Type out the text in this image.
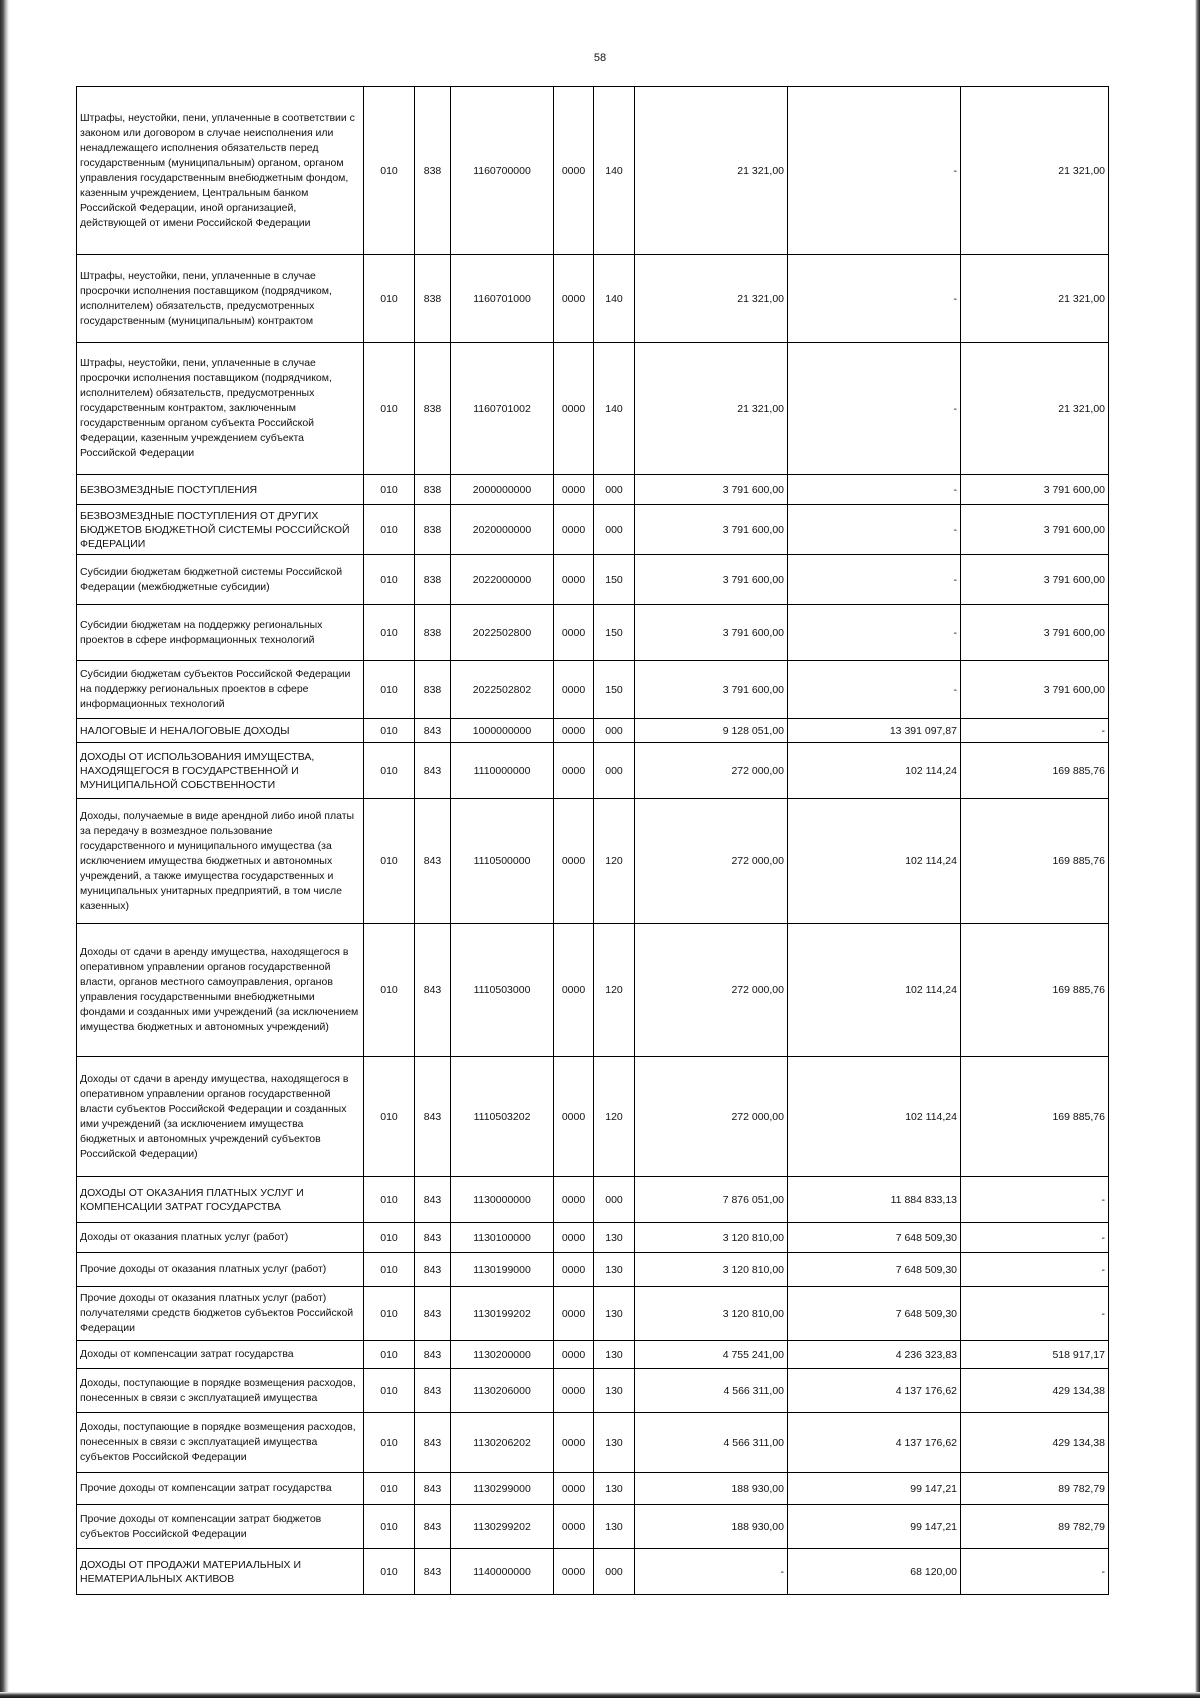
58
Штрафы, неустойки, пени, уплаченные в соответствии с законом или договором в случае неисполнения или ненадлежащего исполнения обязательств перед государственным (муниципальным) органом, органом управления государственным внебюджетным фондом, казенным учреждением, Центральным банком Российской Федерации, иной организацией, действующей от имени Российской Федерации	010	838	1160700000	0000	140	21 321,00	-	21 321,00
Штрафы, неустойки, пени, уплаченные в случае просрочки исполнения поставщиком (подрядчиком, исполнителем) обязательств, предусмотренных государственным (муниципальным) контрактом	010	838	1160701000	0000	140	21 321,00	-	21 321,00
Штрафы, неустойки, пени, уплаченные в случае просрочки исполнения поставщиком (подрядчиком, исполнителем) обязательств, предусмотренных государственным контрактом, заключенным государственным органом субъекта Российской Федерации, казенным учреждением субъекта Российской Федерации	010	838	1160701002	0000	140	21 321,00	-	21 321,00
БЕЗВОЗМЕЗДНЫЕ ПОСТУПЛЕНИЯ	010	838	2000000000	0000	000	3 791 600,00	-	3 791 600,00
БЕЗВОЗМЕЗДНЫЕ ПОСТУПЛЕНИЯ ОТ ДРУГИХ БЮДЖЕТОВ БЮДЖЕТНОЙ СИСТЕМЫ РОССИЙСКОЙ ФЕДЕРАЦИИ	010	838	2020000000	0000	000	3 791 600,00	-	3 791 600,00
Субсидии бюджетам бюджетной системы Российской Федерации (межбюджетные субсидии)	010	838	2022000000	0000	150	3 791 600,00	-	3 791 600,00
Субсидии бюджетам на поддержку региональных проектов в сфере информационных технологий	010	838	2022502800	0000	150	3 791 600,00	-	3 791 600,00
Субсидии бюджетам субъектов Российской Федерации на поддержку региональных проектов в сфере информационных технологий	010	838	2022502802	0000	150	3 791 600,00	-	3 791 600,00
НАЛОГОВЫЕ И НЕНАЛОГОВЫЕ ДОХОДЫ	010	843	1000000000	0000	000	9 128 051,00	13 391 097,87	-
ДОХОДЫ ОТ ИСПОЛЬЗОВАНИЯ ИМУЩЕСТВА, НАХОДЯЩЕГОСЯ В ГОСУДАРСТВЕННОЙ И МУНИЦИПАЛЬНОЙ СОБСТВЕННОСТИ	010	843	1110000000	0000	000	272 000,00	102 114,24	169 885,76
Доходы, получаемые в виде арендной либо иной платы за передачу в возмездное пользование государственного и муниципального имущества (за исключением имущества бюджетных и автономных учреждений, а также имущества государственных и муниципальных унитарных предприятий, в том числе казенных)	010	843	1110500000	0000	120	272 000,00	102 114,24	169 885,76
Доходы от сдачи в аренду имущества, находящегося в оперативном управлении органов государственной власти, органов местного самоуправления, органов управления государственными внебюджетными фондами и созданных ими учреждений (за исключением имущества бюджетных и автономных учреждений)	010	843	1110503000	0000	120	272 000,00	102 114,24	169 885,76
Доходы от сдачи в аренду имущества, находящегося в оперативном управлении органов государственной власти субъектов Российской Федерации и созданных ими учреждений (за исключением имущества бюджетных и автономных учреждений субъектов Российской Федерации)	010	843	1110503202	0000	120	272 000,00	102 114,24	169 885,76
ДОХОДЫ ОТ ОКАЗАНИЯ ПЛАТНЫХ УСЛУГ И КОМПЕНСАЦИИ ЗАТРАТ ГОСУДАРСТВА	010	843	1130000000	0000	000	7 876 051,00	11 884 833,13	-
Доходы от оказания платных услуг (работ)	010	843	1130100000	0000	130	3 120 810,00	7 648 509,30	-
Прочие доходы от оказания платных услуг (работ)	010	843	1130199000	0000	130	3 120 810,00	7 648 509,30	-
Прочие доходы от оказания платных услуг (работ) получателями средств бюджетов субъектов Российской Федерации	010	843	1130199202	0000	130	3 120 810,00	7 648 509,30	-
Доходы от компенсации затрат государства	010	843	1130200000	0000	130	4 755 241,00	4 236 323,83	518 917,17
Доходы, поступающие в порядке возмещения расходов, понесенных в связи с эксплуатацией имущества	010	843	1130206000	0000	130	4 566 311,00	4 137 176,62	429 134,38
Доходы, поступающие в порядке возмещения расходов, понесенных в связи с эксплуатацией имущества субъектов Российской Федерации	010	843	1130206202	0000	130	4 566 311,00	4 137 176,62	429 134,38
Прочие доходы от компенсации затрат государства	010	843	1130299000	0000	130	188 930,00	99 147,21	89 782,79
Прочие доходы от компенсации затрат бюджетов субъектов Российской Федерации	010	843	1130299202	0000	130	188 930,00	99 147,21	89 782,79
ДОХОДЫ ОТ ПРОДАЖИ МАТЕРИАЛЬНЫХ И НЕМАТЕРИАЛЬНЫХ АКТИВОВ	010	843	1140000000	0000	000	-	68 120,00	-
